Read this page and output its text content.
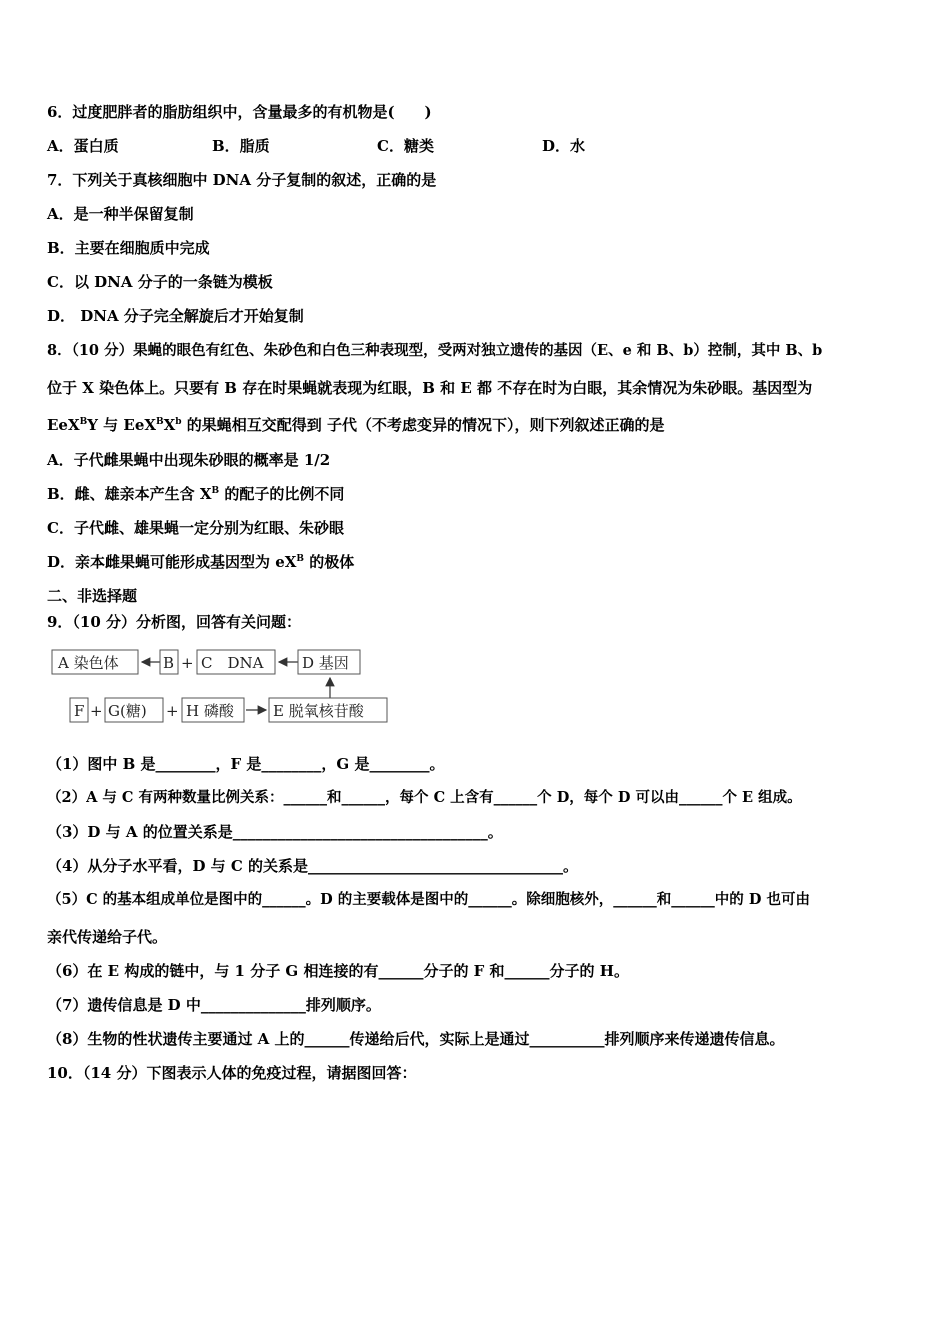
6．过度肥胖者的脂肪组织中，含量最多的有机物是(　　)
A．蛋白质	B．脂质	C．糖类	D．水
7．下列关于真核细胞中 DNA 分子复制的叙述，正确的是
A．是一种半保留复制
B．主要在细胞质中完成
C．以 DNA 分子的一条链为模板
D． DNA 分子完全解旋后才开始复制
8．（10 分）果蝇的眼色有红色、朱砂色和白色三种表现型，受两对独立遗传的基因（E、e 和 B、b）控制，其中 B、b
位于 X 染色体上。只要有 B 存在时果蝇就表现为红眼，B 和 E 都 不存在时为白眼，其余情况为朱砂眼。基因型为
EeX$^B$Y 与 $EeX^BX^b$ 的果蝇相互交配得到 子代（不考虑变异的情况下），则下列叙述正确的是
A．子代雌果蝇中出现朱砂眼的概率是 1/2
B．雌、雄亲本产生含 $X^B$ 的配子的比例不同
C．子代雌、雄果蝇一定分别为红眼、朱砂眼
D．亲本雌果蝇可能形成基因型为 $eX^B$ 的极体
二、非选择题
9．（10 分）分析图，回答有关问题：
A 染色体	B + C　DNA	D 基因
F + G(糖) + H 磷酸	E 脱氧核苷酸
（1）图中 B 是________，F 是________，G 是________。
（2）A 与 C 有两种数量比例关系：______和______，每个 C 上含有______个 D，每个 D 可以由______个 E 组成。
（3）D 与 A 的位置关系是__________________________________。
（4）从分子水平看，D 与 C 的关系是__________________________________。
（5）C 的基本组成单位是图中的______。D 的主要载体是图中的______。除细胞核外，______和______中的 D 也可由
亲代传递给子代。
（6）在 E 构成的链中，与 1 分子 G 相连接的有______分子的 F 和______分子的 H。
（7）遗传信息是 D 中______________排列顺序。
（8）生物的性状遗传主要通过 A 上的______传递给后代，实际上是通过__________排列顺序来传递遗传信息。
10．（14 分）下图表示人体的免疫过程，请据图回答：
